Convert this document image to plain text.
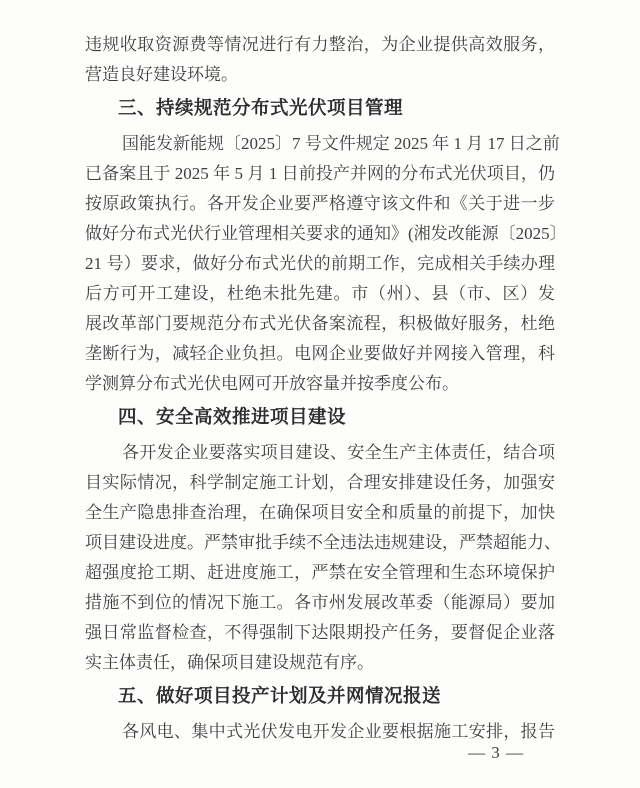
违规收取资源费等情况进行有力整治，为企业提供高效服务，
营造良好建设环境。
三、持续规范分布式光伏项目管理
国能发新能规〔2025〕7 号文件规定 2025 年 1 月 17 日之前
已备案且于 2025 年 5 月 1 日前投产并网的分布式光伏项目，仍
按原政策执行。各开发企业要严格遵守该文件和《关于进一步
做好分布式光伏行业管理相关要求的通知》(湘发改能源〔2025〕
21 号）要求，做好分布式光伏的前期工作，完成相关手续办理
后方可开工建设，杜绝未批先建。市（州）、县（市、区）发
展改革部门要规范分布式光伏备案流程，积极做好服务，杜绝
垄断行为，减轻企业负担。电网企业要做好并网接入管理，科
学测算分布式光伏电网可开放容量并按季度公布。
四、安全高效推进项目建设
各开发企业要落实项目建设、安全生产主体责任，结合项
目实际情况，科学制定施工计划，合理安排建设任务，加强安
全生产隐患排查治理，在确保项目安全和质量的前提下，加快
项目建设进度。严禁审批手续不全违法违规建设，严禁超能力、
超强度抢工期、赶进度施工，严禁在安全管理和生态环境保护
措施不到位的情况下施工。各市州发展改革委（能源局）要加
强日常监督检查，不得强制下达限期投产任务，要督促企业落
实主体责任，确保项目建设规范有序。
五、做好项目投产计划及并网情况报送
各风电、集中式光伏发电开发企业要根据施工安排，报告
— 3 —
